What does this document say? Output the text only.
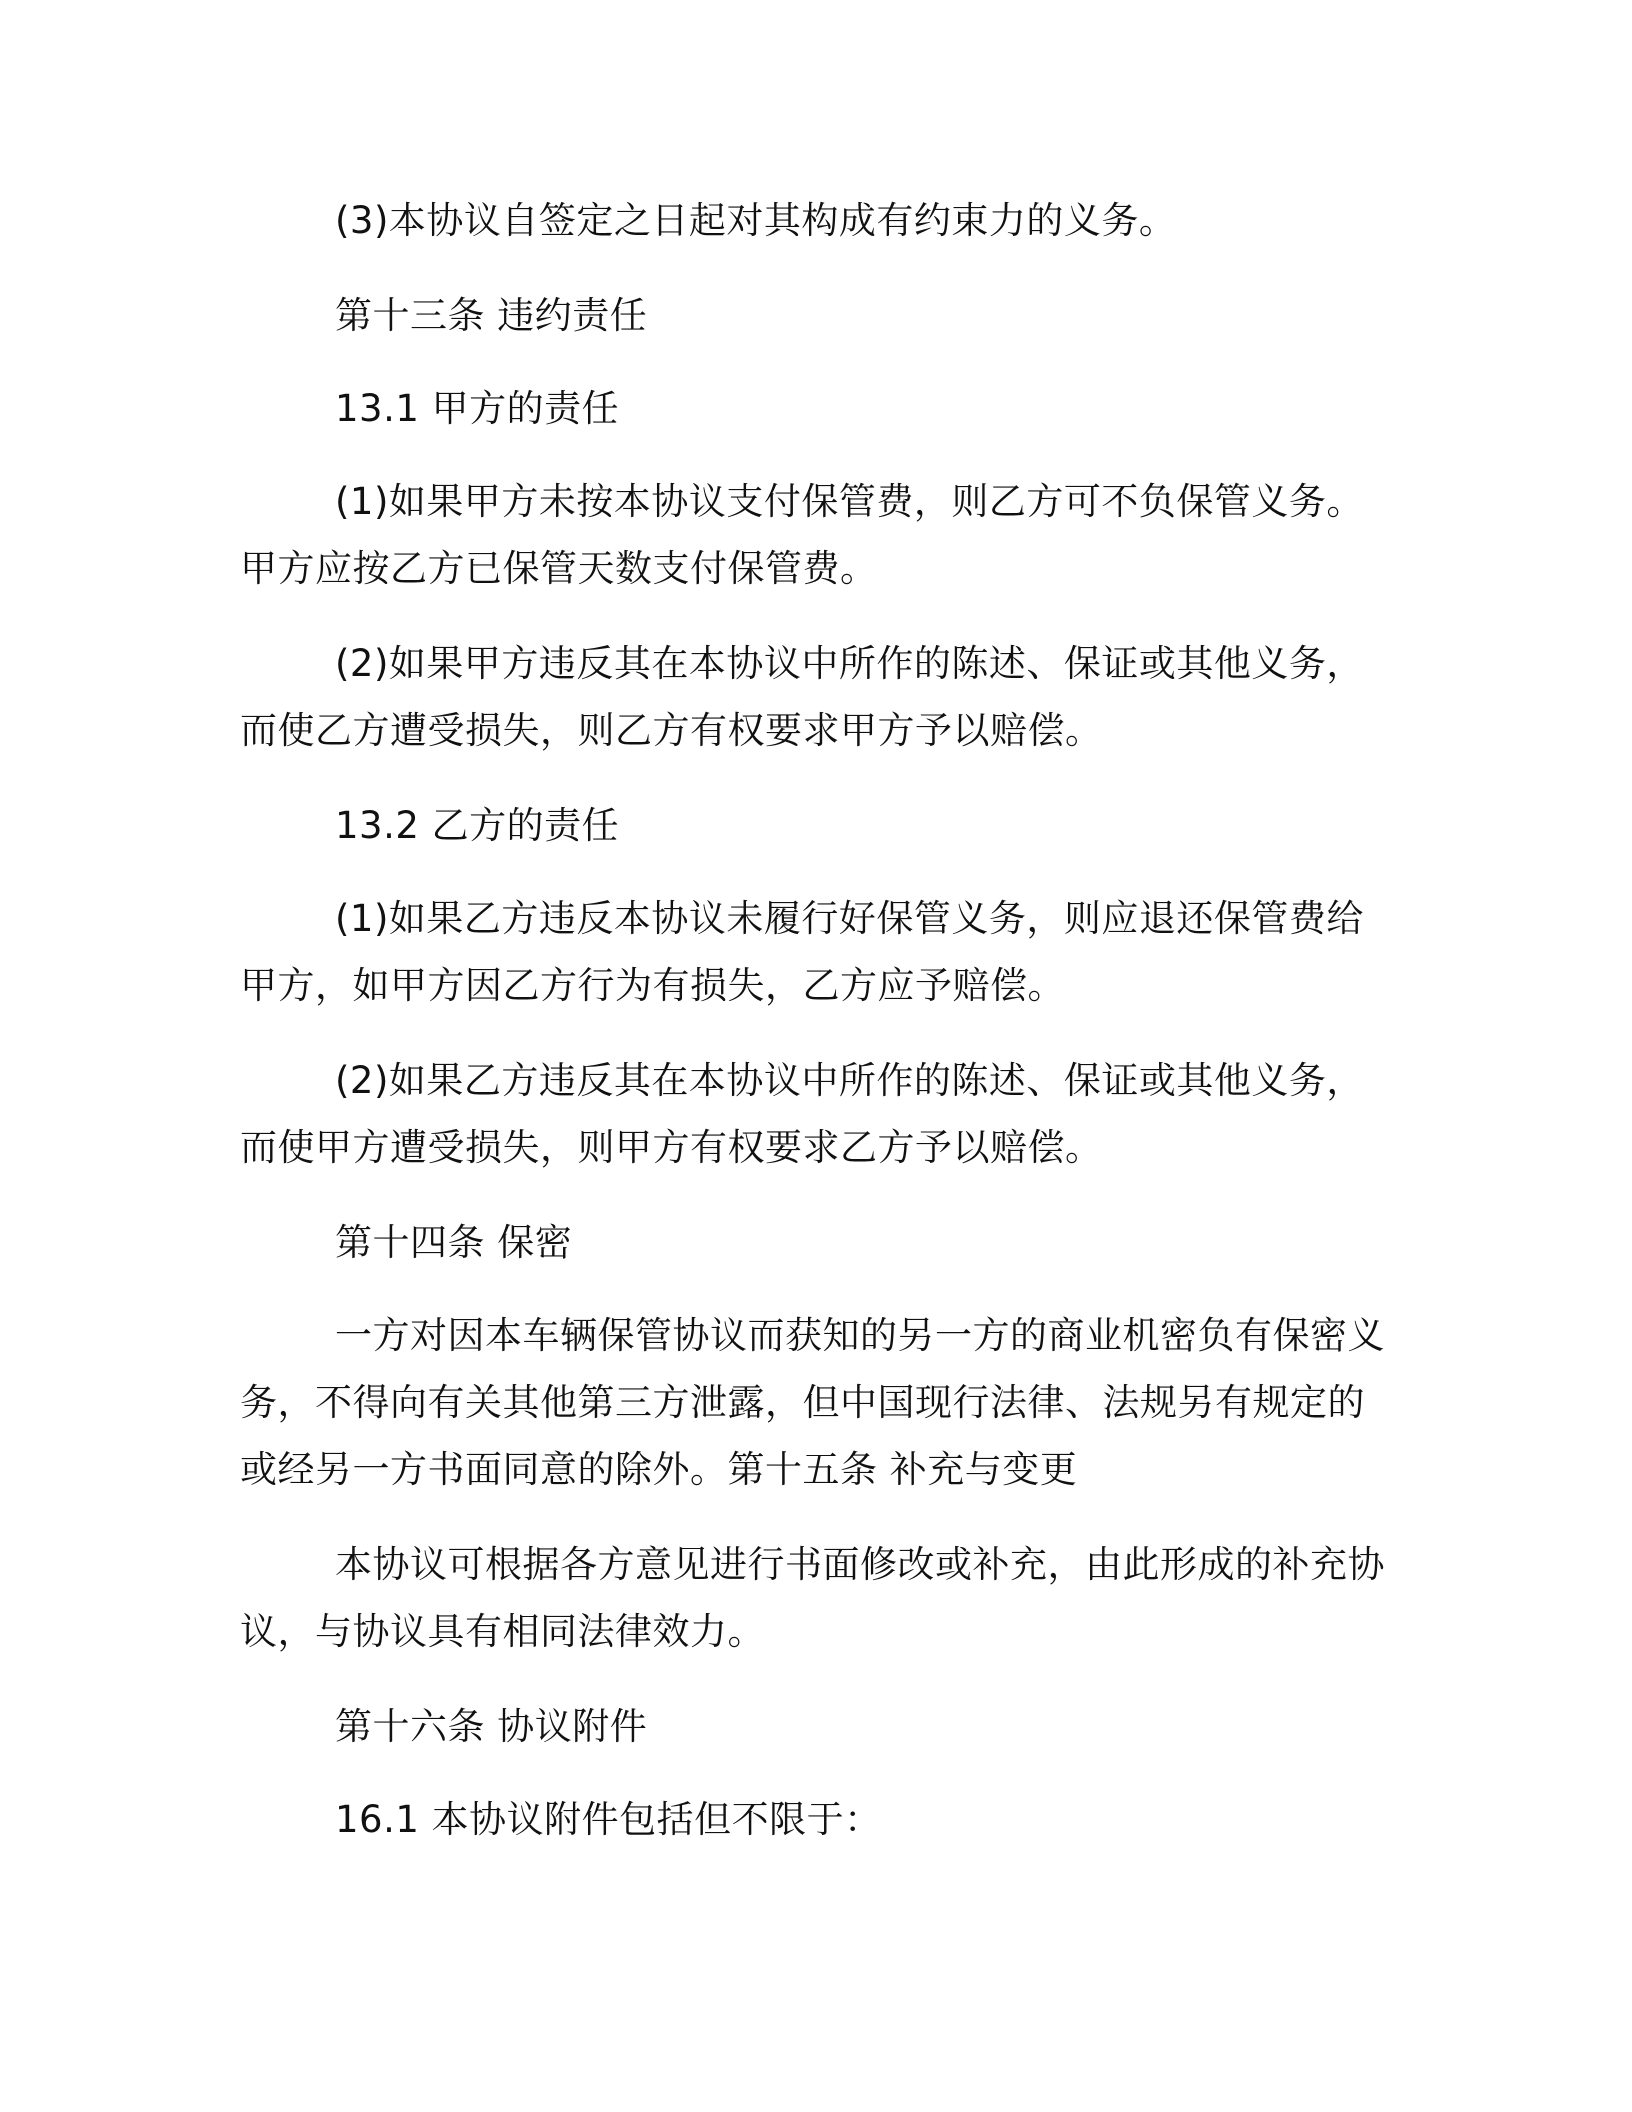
(3)本协议自签定之日起对其构成有约束力的义务。

第十三条 违约责任

13.1 甲方的责任

(1)如果甲方未按本协议支付保管费，则乙方可不负保管义务。甲方应按乙方已保管天数支付保管费。

(2)如果甲方违反其在本协议中所作的陈述、保证或其他义务，而使乙方遭受损失，则乙方有权要求甲方予以赔偿。

13.2 乙方的责任

(1)如果乙方违反本协议未履行好保管义务，则应退还保管费给甲方，如甲方因乙方行为有损失，乙方应予赔偿。

(2)如果乙方违反其在本协议中所作的陈述、保证或其他义务，而使甲方遭受损失，则甲方有权要求乙方予以赔偿。

第十四条 保密

一方对因本车辆保管协议而获知的另一方的商业机密负有保密义务，不得向有关其他第三方泄露，但中国现行法律、法规另有规定的或经另一方书面同意的除外。第十五条 补充与变更

本协议可根据各方意见进行书面修改或补充，由此形成的补充协议，与协议具有相同法律效力。

第十六条 协议附件

16.1 本协议附件包括但不限于：
